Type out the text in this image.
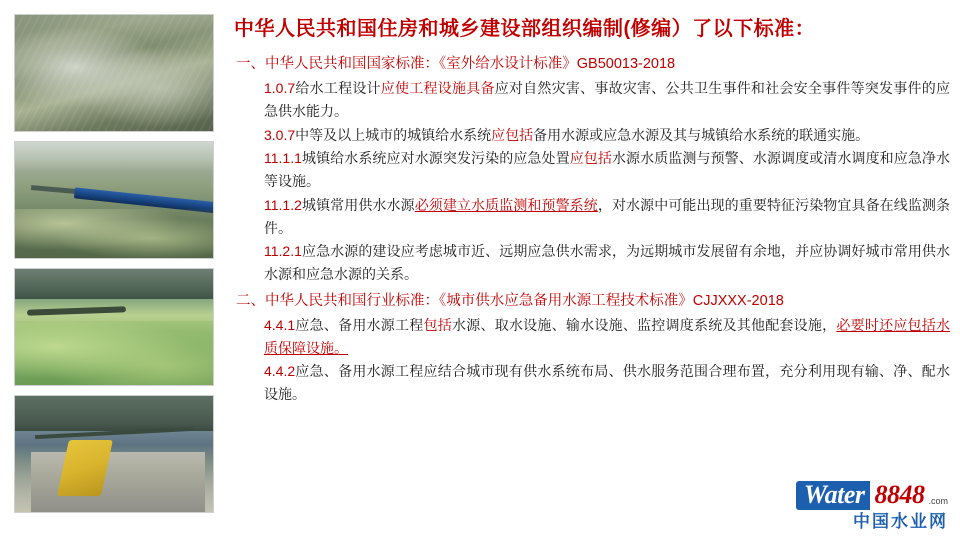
中华人民共和国住房和城乡建设部组织编制(修编）了以下标准：
一、中华人民共和国国家标准：《室外给水设计标准》GB50013-2018

1.0.7给水工程设计应使工程设施具备应对自然灾害、事故灾害、公共卫生事件和社会安全事件等突发事件的应急供水能力。

3.0.7中等及以上城市的城镇给水系统应包括备用水源或应急水源及其与城镇给水系统的联通实施。

11.1.1城镇给水系统应对水源突发污染的应急处置应包括水源水质监测与预警、水源调度或清水调度和应急净水等设施。

11.1.2城镇常用供水水源必须建立水质监测和预警系统，对水源中可能出现的重要特征污染物宜具备在线监测条件。

11.2.1应急水源的建设应考虑城市近、远期应急供水需求，为远期城市发展留有余地，并应协调好城市常用供水水源和应急水源的关系。

二、中华人民共和国行业标准：《城市供水应急备用水源工程技术标准》CJJXXX-2018

4.4.1应急、备用水源工程包括水源、取水设施、输水设施、监控调度系统及其他配套设施，必要时还应包括水质保障设施。

4.4.2应急、备用水源工程应结合城市现有供水系统布局、供水服务范围合理布置，充分利用现有输、净、配水设施。

Water 8848 .com
中国水业网
